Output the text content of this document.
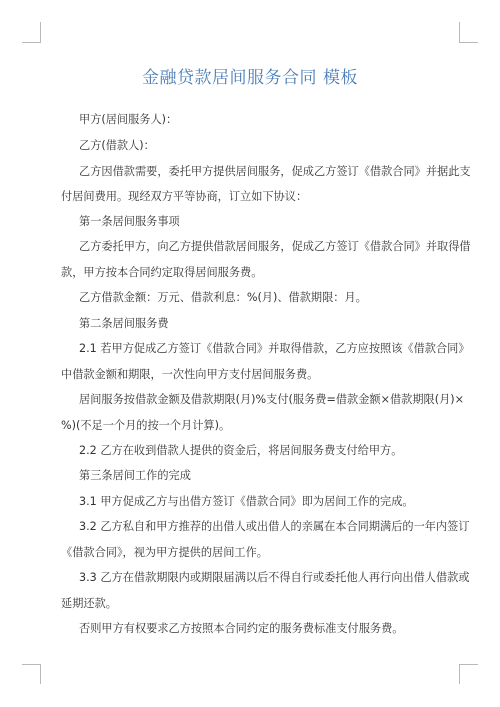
金融贷款居间服务合同 模板

甲方(居间服务人)：

乙方(借款人)：

乙方因借款需要，委托甲方提供居间服务，促成乙方签订《借款合同》并据此支

付居间费用。现经双方平等协商，订立如下协议：

第一条居间服务事项

乙方委托甲方，向乙方提供借款居间服务，促成乙方签订《借款合同》并取得借

款，甲方按本合同约定取得居间服务费。

乙方借款金额：万元、借款利息：%(月)、借款期限：月。

第二条居间服务费

2.1 若甲方促成乙方签订《借款合同》并取得借款，乙方应按照该《借款合同》

中借款金额和期限，一次性向甲方支付居间服务费。

居间服务按借款金额及借款期限(月)%支付(服务费=借款金额×借款期限(月)×

%)(不足一个月的按一个月计算)。

2.2 乙方在收到借款人提供的资金后，将居间服务费支付给甲方。

第三条居间工作的完成

3.1 甲方促成乙方与出借方签订《借款合同》即为居间工作的完成。

3.2 乙方私自和甲方推荐的出借人或出借人的亲属在本合同期满后的一年内签订

《借款合同》，视为甲方提供的居间工作。

3.3 乙方在借款期限内或期限届满以后不得自行或委托他人再行向出借人借款或

延期还款。

否则甲方有权要求乙方按照本合同约定的服务费标准支付服务费。
